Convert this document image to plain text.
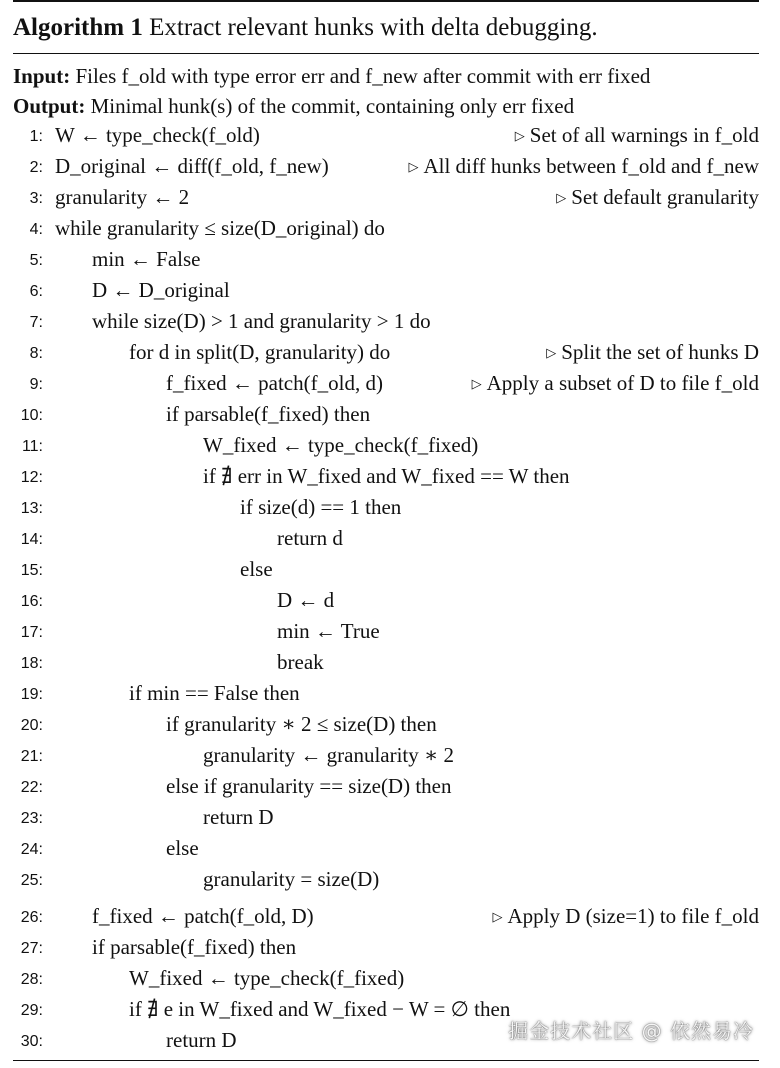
Algorithm 1 Extract relevant hunks with delta debugging.
Input: Files f_old with type error err and f_new after commit with err fixed
Output: Minimal hunk(s) of the commit, containing only err fixed
1: W ← type_check(f_old)	▷ Set of all warnings in f_old
2: D_original ← diff(f_old, f_new)	▷ All diff hunks between f_old and f_new
3: granularity ← 2	▷ Set default granularity
4: while granularity ≤ size(D_original) do
5: min ← False
6: D ← D_original
7: while size(D) > 1 and granularity > 1 do
8:	for d in split(D, granularity) do	▷ Split the set of hunks D
9:	f_fixed ← patch(f_old, d)	▷ Apply a subset of D to file f_old
10:	if parsable(f_fixed) then
11:	W_fixed ← type_check(f_fixed)
12:	if ∄ err in W_fixed and W_fixed == W then
13:	if size(d) == 1 then
14:	return d
15:	else
16:	D ← d
17:	min ← True
18:	break
19:	if min == False then
20:	if granularity ∗ 2 ≤ size(D) then
21:	granularity ← granularity ∗ 2
22:	else if granularity == size(D) then
23:	return D
24:	else
25:	granularity = size(D)
26: f_fixed ← patch(f_old, D)	▷ Apply D (size=1) to file f_old
27: if parsable(f_fixed) then
28:	W_fixed ← type_check(f_fixed)
29:	if ∄ e in W_fixed and W_fixed − W = ∅ then
30:	return D	掘金技术社区 @ 依然易冷
